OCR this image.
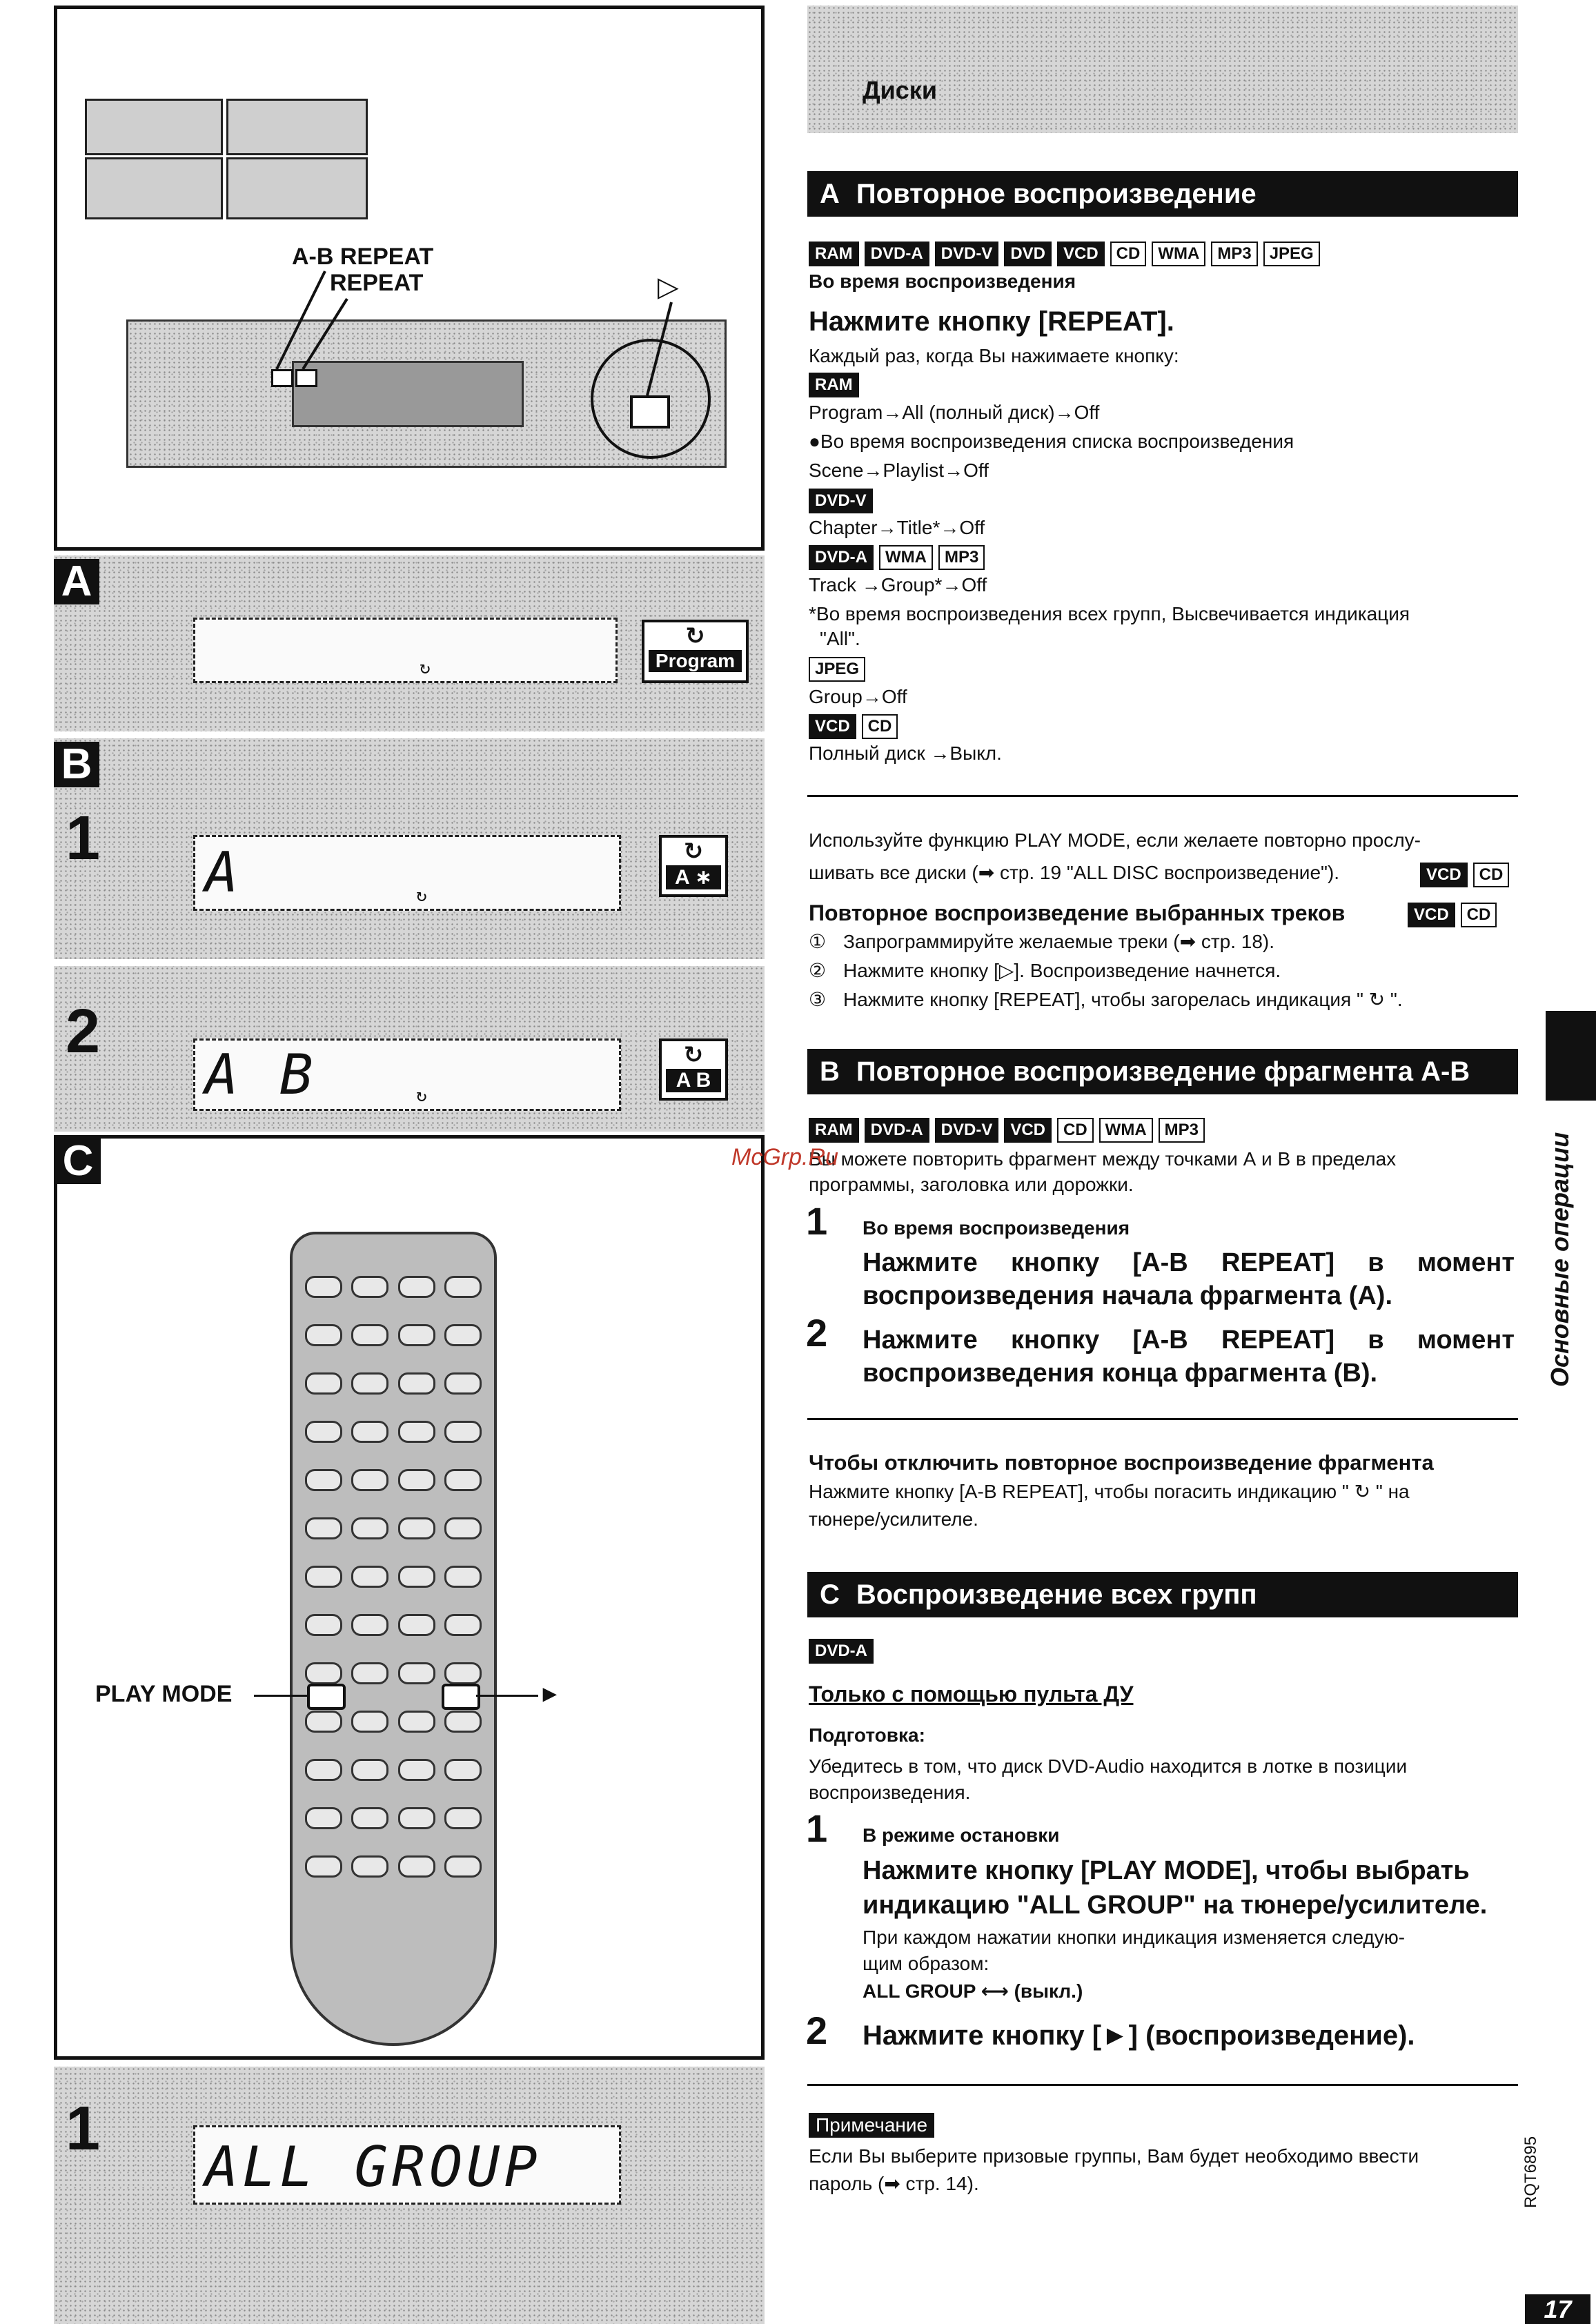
A-B REPEAT
REPEAT	▷
A
↻
↻
Program
B
1 A	↻
↻
A ∗
2
A B	↻
↻
A B
C
PLAY MODE	►
1
ALL GROUP
Диски
A Повторное воспроизведение
RAM	DVD-A	DVD-V	DVD	VCD	CD	WMA	MP3	JPEG
Во время воспроизведения
Нажмите кнопку [REPEAT].
Каждый раз, когда Вы нажимаете кнопку:
RAM
Program→All (полный диск)→Off
●Во время воспроизведения списка воспроизведения
Scene→Playlist→Off
DVD-V
Chapter→Title*→Off
DVD-A	WMA	MP3
Track →Group*→Off
*Во время воспроизведения всех групп, Высвечивается индикация
"All".
JPEG
Group→Off
VCD	CD
Полный диск →Выкл.
Используйте функцию PLAY MODE, если желаете повторно прослу-
шивать все диски (➡ стр. 19 "ALL DISC воспроизведение").	VCD	CD
Повторное воспроизведение выбранных треков	VCD	CD
① Запрограммируйте желаемые треки (➡ стр. 18).
② Нажмите кнопку [▷]. Воспроизведение начнется.
③ Нажмите кнопку [REPEAT], чтобы загорелась индикация " ↻ ".
B Повторное воспроизведение фрагмента А-В
RAM	DVD-A	DVD-V	VCD	CD	WMA	MP3
Вы можете повторить фрагмент между точками А и В в пределах
программы, заголовка или дорожки.
1 Во время воспроизведения
Нажмите кнопку [A-B REPEAT] в момент
воспроизведения начала фрагмента (А).
2 Нажмите кнопку [A-B REPEAT] в момент
воспроизведения конца фрагмента (В).
Чтобы отключить повторное воспроизведение фрагмента
Нажмите кнопку [A-B REPEAT], чтобы погасить индикацию " ↻ " на
тюнере/усилителе.
C Воспроизведение всех групп
DVD-A
Только с помощью пульта ДУ
Подготовка:
Убедитесь в том, что диск DVD-Audio находится в лотке в позиции
воспроизведения.
1 В режиме остановки
Нажмите кнопку [PLAY MODE], чтобы выбрать
индикацию "ALL GROUP" на тюнере/усилителе.
При каждом нажатии кнопки индикация изменяется следую-
щим образом:
ALL GROUP ⟷ (выкл.)
2 Нажмите кнопку [►] (воспроизведение).
Примечание
Если Вы выберите призовые группы, Вам будет необходимо ввести
пароль (➡ стр. 14).
Основные операции
RQT6895
17
McGrp.Ru
